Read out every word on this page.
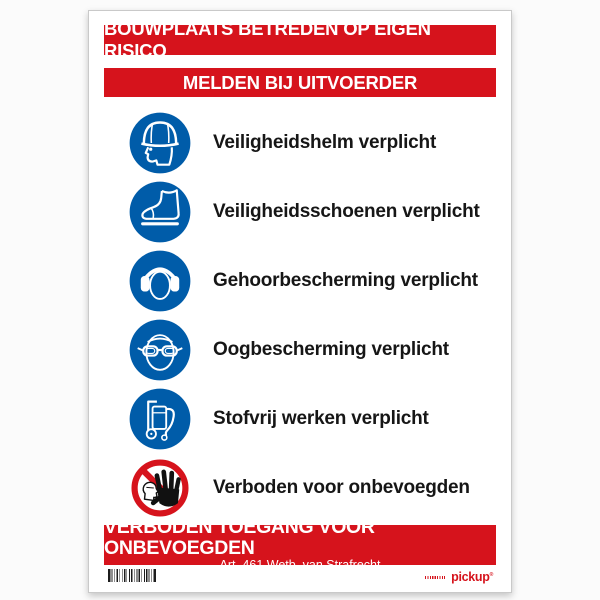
BOUWPLAATS BETREDEN OP EIGEN RISICO
MELDEN BIJ UITVOERDER
Veiligheidshelm verplicht
Veiligheidsschoenen verplicht
Gehoorbescherming verplicht
Oogbescherming verplicht
Stofvrij werken verplicht
Verboden voor onbevoegden
VERBODEN TOEGANG VOOR ONBEVOEGDEN
Art. 461 Wetb. van Strafrecht
pickup®
